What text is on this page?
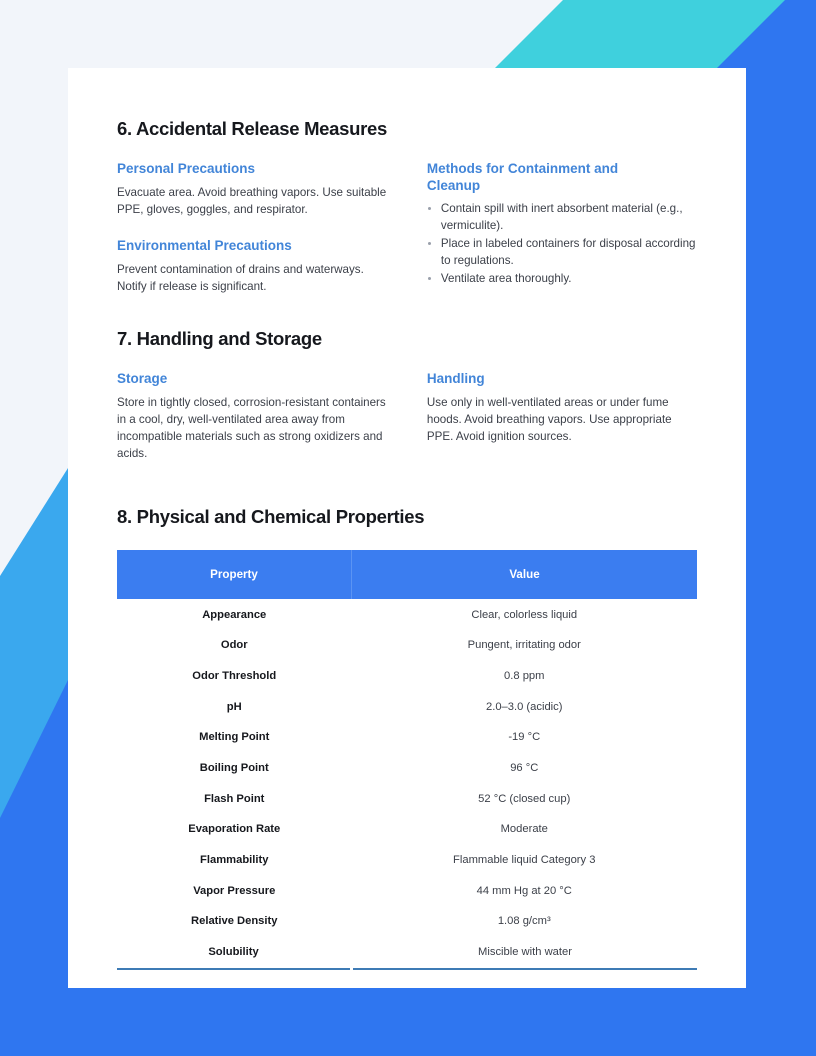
6. Accidental Release Measures
Personal Precautions

Evacuate area. Avoid breathing vapors. Use suitable PPE, gloves, goggles, and respirator.

Environmental Precautions

Prevent contamination of drains and waterways. Notify if release is significant.

Methods for Containment and Cleanup
Contain spill with inert absorbent material (e.g., vermiculite).
Place in labeled containers for disposal according to regulations.
Ventilate area thoroughly.
7. Handling and Storage
Storage

Store in tightly closed, corrosion-resistant containers in a cool, dry, well-ventilated area away from incompatible materials such as strong oxidizers and acids.

Handling

Use only in well-ventilated areas or under fume hoods. Avoid breathing vapors. Use appropriate PPE. Avoid ignition sources.

8. Physical and Chemical Properties
Property	Value
Appearance	Clear, colorless liquid
Odor	Pungent, irritating odor
Odor Threshold	0.8 ppm
pH	2.0–3.0 (acidic)
Melting Point	-19 °C
Boiling Point	96 °C
Flash Point	52 °C (closed cup)
Evaporation Rate	Moderate
Flammability	Flammable liquid Category 3
Vapor Pressure	44 mm Hg at 20 °C
Relative Density	1.08 g/cm³
Solubility	Miscible with water
